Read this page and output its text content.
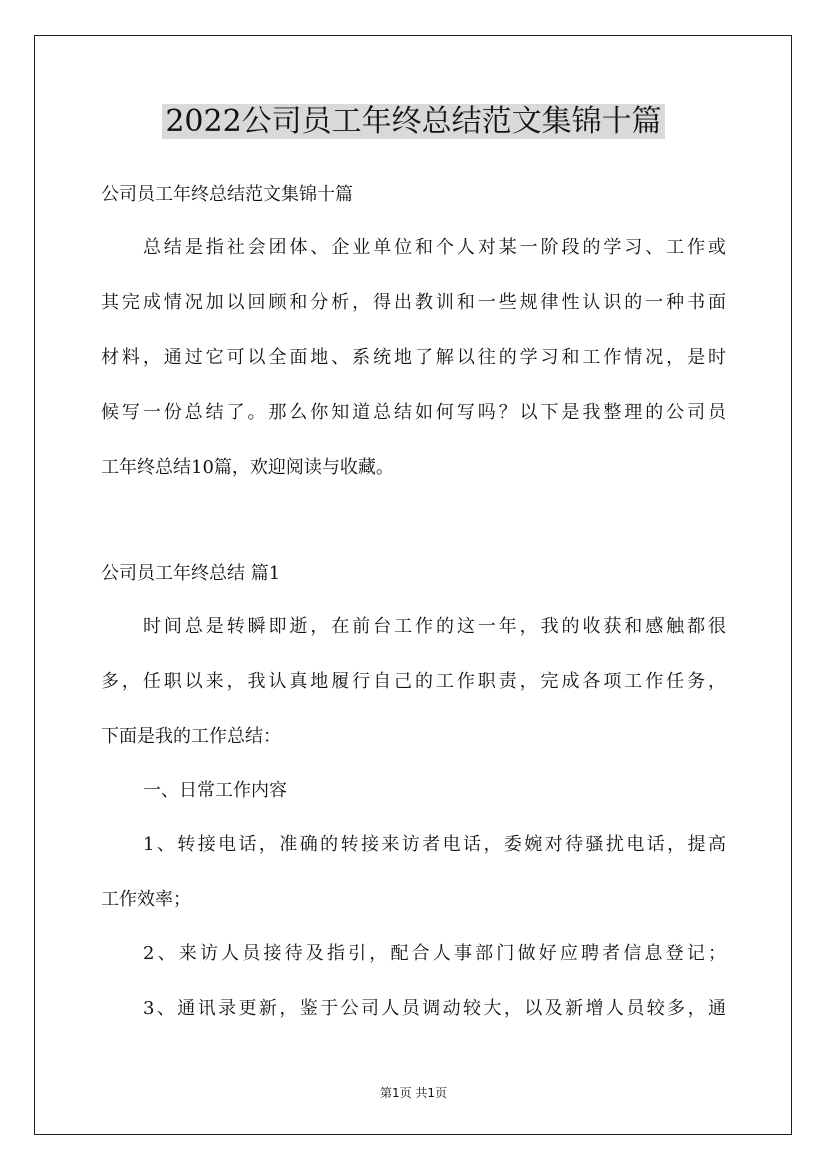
2022公司员工年终总结范文集锦十篇

公司员工年终总结范文集锦十篇

总结是指社会团体、企业单位和个人对某一阶段的学习、工作或

其完成情况加以回顾和分析，得出教训和一些规律性认识的一种书面

材料，通过它可以全面地、系统地了解以往的学习和工作情况，是时

候写一份总结了。那么你知道总结如何写吗？以下是我整理的公司员

工年终总结10篇，欢迎阅读与收藏。

公司员工年终总结 篇1

时间总是转瞬即逝，在前台工作的这一年，我的收获和感触都很

多，任职以来，我认真地履行自己的工作职责，完成各项工作任务，

下面是我的工作总结：

一、日常工作内容

1、转接电话，准确的转接来访者电话，委婉对待骚扰电话，提高

工作效率；

2、来访人员接待及指引，配合人事部门做好应聘者信息登记；

3、通讯录更新，鉴于公司人员调动较大，以及新增人员较多，通

第1页 共1页
